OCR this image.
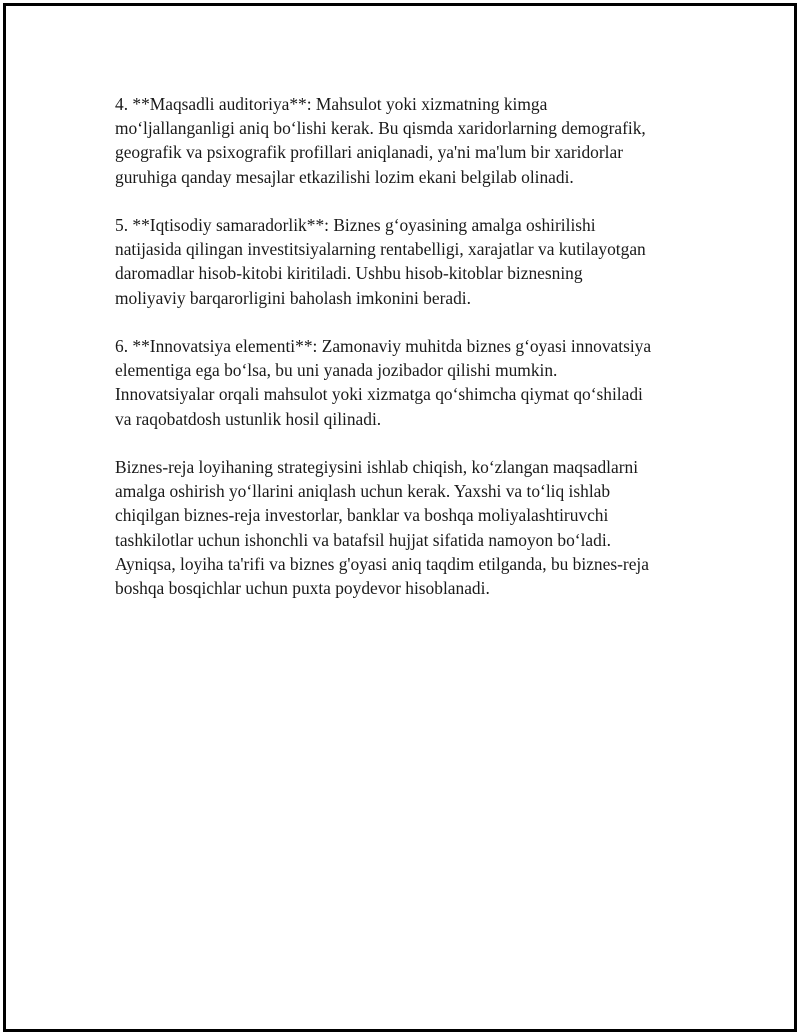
4. **Maqsadli auditoriya**: Mahsulot yoki xizmatning kimga
mo‘ljallanganligi aniq bo‘lishi kerak. Bu qismda xaridorlarning demografik,
geografik va psixografik profillari aniqlanadi, ya'ni ma'lum bir xaridorlar
guruhiga qanday mesajlar etkazilishi lozim ekani belgilab olinadi.

5. **Iqtisodiy samaradorlik**: Biznes g‘oyasining amalga oshirilishi
natijasida qilingan investitsiyalarning rentabelligi, xarajatlar va kutilayotgan
daromadlar hisob-kitobi kiritiladi. Ushbu hisob-kitoblar biznesning
moliyaviy barqarorligini baholash imkonini beradi.

6. **Innovatsiya elementi**: Zamonaviy muhitda biznes g‘oyasi innovatsiya
elementiga ega bo‘lsa, bu uni yanada jozibador qilishi mumkin.
Innovatsiyalar orqali mahsulot yoki xizmatga qo‘shimcha qiymat qo‘shiladi
va raqobatdosh ustunlik hosil qilinadi.

Biznes-reja loyihaning strategiysini ishlab chiqish, ko‘zlangan maqsadlarni
amalga oshirish yo‘llarini aniqlash uchun kerak. Yaxshi va to‘liq ishlab
chiqilgan biznes-reja investorlar, banklar va boshqa moliyalashtiruvchi
tashkilotlar uchun ishonchli va batafsil hujjat sifatida namoyon bo‘ladi.
Ayniqsa, loyiha ta'rifi va biznes g'oyasi aniq taqdim etilganda, bu biznes-reja
boshqa bosqichlar uchun puxta poydevor hisoblanadi.
